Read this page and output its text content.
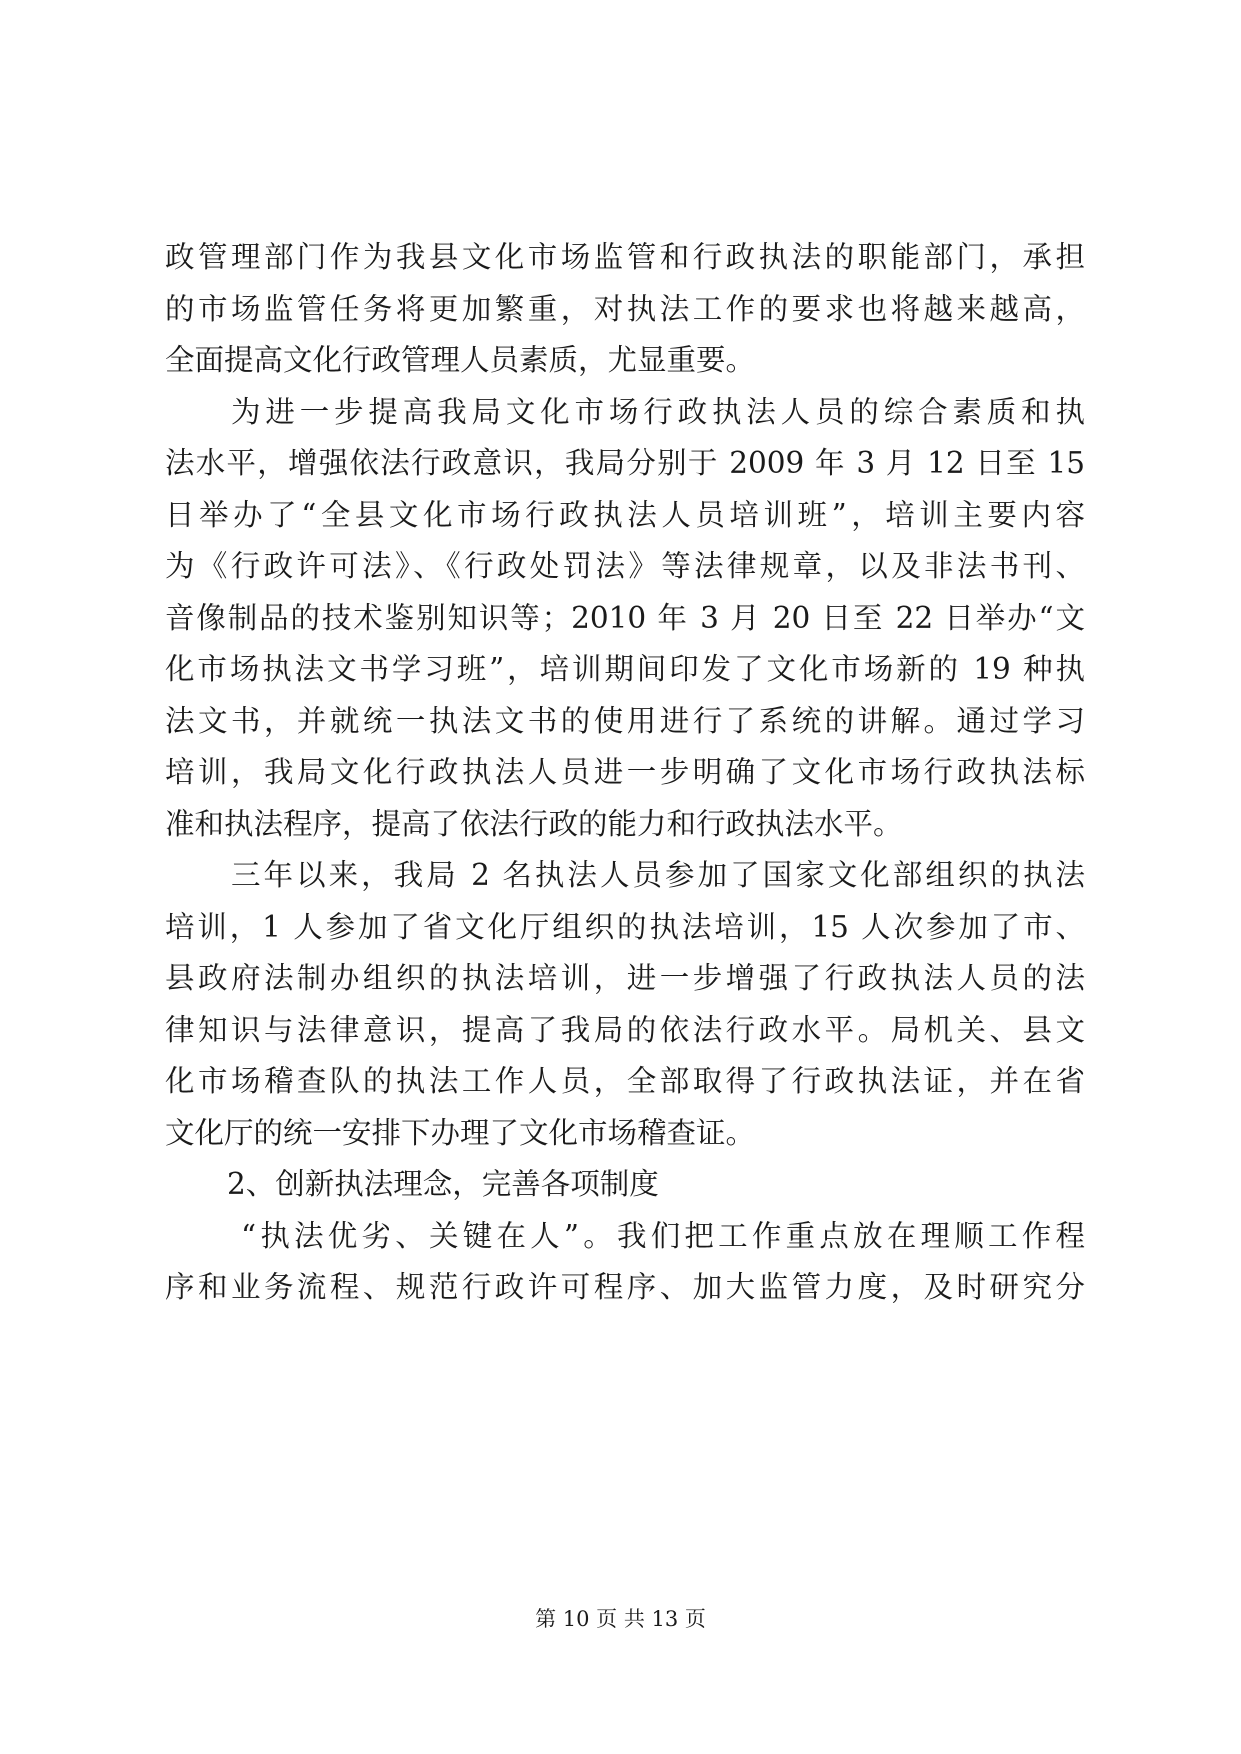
政管理部门作为我县文化市场监管和行政执法的职能部门，承担
的市场监管任务将更加繁重，对执法工作的要求也将越来越高，
全面提高文化行政管理人员素质，尤显重要。
为进一步提高我局文化市场行政执法人员的综合素质和执
法水平，增强依法行政意识，我局分别于 2009 年 3 月 12 日至 15
日举办了“全县文化市场行政执法人员培训班”，培训主要内容
为《行政许可法》、《行政处罚法》等法律规章，以及非法书刊、
音像制品的技术鉴别知识等；2010 年 3 月 20 日至 22 日举办“文
化市场执法文书学习班”，培训期间印发了文化市场新的 19 种执
法文书，并就统一执法文书的使用进行了系统的讲解。通过学习
培训，我局文化行政执法人员进一步明确了文化市场行政执法标
准和执法程序，提高了依法行政的能力和行政执法水平。
三年以来，我局 2 名执法人员参加了国家文化部组织的执法
培训，1 人参加了省文化厅组织的执法培训，15 人次参加了市、
县政府法制办组织的执法培训，进一步增强了行政执法人员的法
律知识与法律意识，提高了我局的依法行政水平。局机关、县文
化市场稽查队的执法工作人员，全部取得了行政执法证，并在省
文化厅的统一安排下办理了文化市场稽查证。
2、创新执法理念，完善各项制度
“执法优劣、关键在人”。我们把工作重点放在理顺工作程
序和业务流程、规范行政许可程序、加大监管力度，及时研究分
第 10 页 共 13 页
